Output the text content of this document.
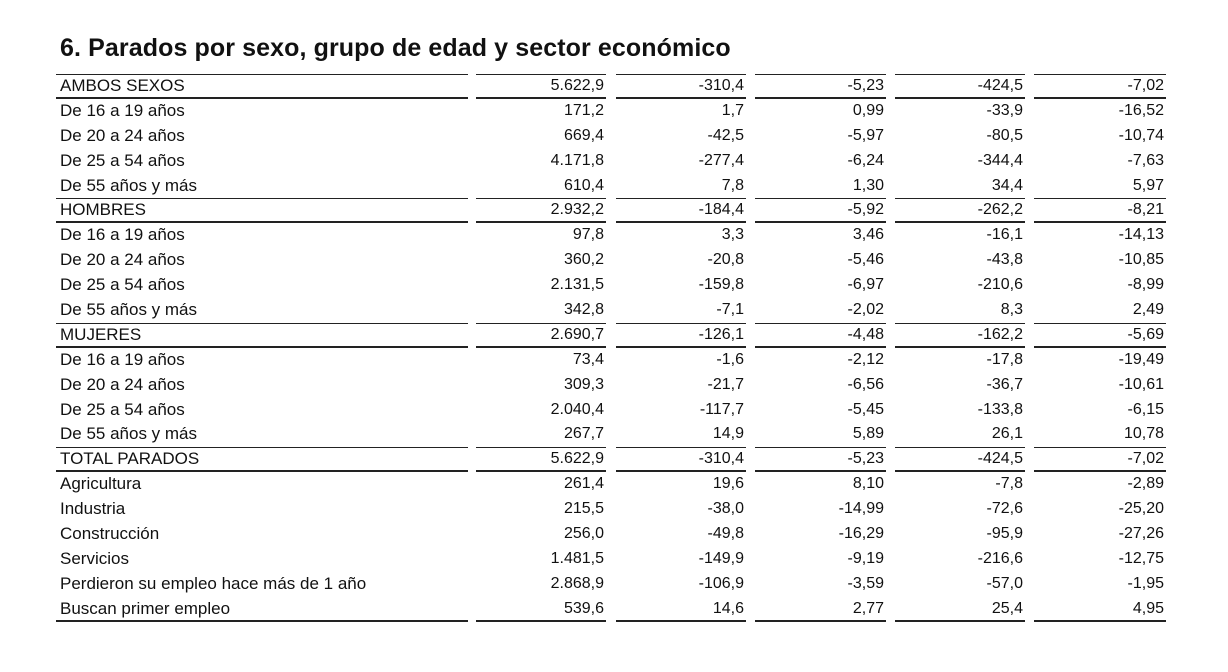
6. Parados por sexo, grupo de edad y sector económico
AMBOS SEXOS	5.622,9	-310,4	-5,23	-424,5	-7,02
De 16 a 19 años	171,2	1,7	0,99	-33,9	-16,52
De 20 a 24 años	669,4	-42,5	-5,97	-80,5	-10,74
De 25 a 54 años	4.171,8	-277,4	-6,24	-344,4	-7,63
De 55 años y más	610,4	7,8	1,30	34,4	5,97
HOMBRES	2.932,2	-184,4	-5,92	-262,2	-8,21
De 16 a 19 años	97,8	3,3	3,46	-16,1	-14,13
De 20 a 24 años	360,2	-20,8	-5,46	-43,8	-10,85
De 25 a 54 años	2.131,5	-159,8	-6,97	-210,6	-8,99
De 55 años y más	342,8	-7,1	-2,02	8,3	2,49
MUJERES	2.690,7	-126,1	-4,48	-162,2	-5,69
De 16 a 19 años	73,4	-1,6	-2,12	-17,8	-19,49
De 20 a 24 años	309,3	-21,7	-6,56	-36,7	-10,61
De 25 a 54 años	2.040,4	-117,7	-5,45	-133,8	-6,15
De 55 años y más	267,7	14,9	5,89	26,1	10,78
TOTAL PARADOS	5.622,9	-310,4	-5,23	-424,5	-7,02
Agricultura	261,4	19,6	8,10	-7,8	-2,89
Industria	215,5	-38,0	-14,99	-72,6	-25,20
Construcción	256,0	-49,8	-16,29	-95,9	-27,26
Servicios	1.481,5	-149,9	-9,19	-216,6	-12,75
Perdieron su empleo hace más de 1 año	2.868,9	-106,9	-3,59	-57,0	-1,95
Buscan primer empleo	539,6	14,6	2,77	25,4	4,95
